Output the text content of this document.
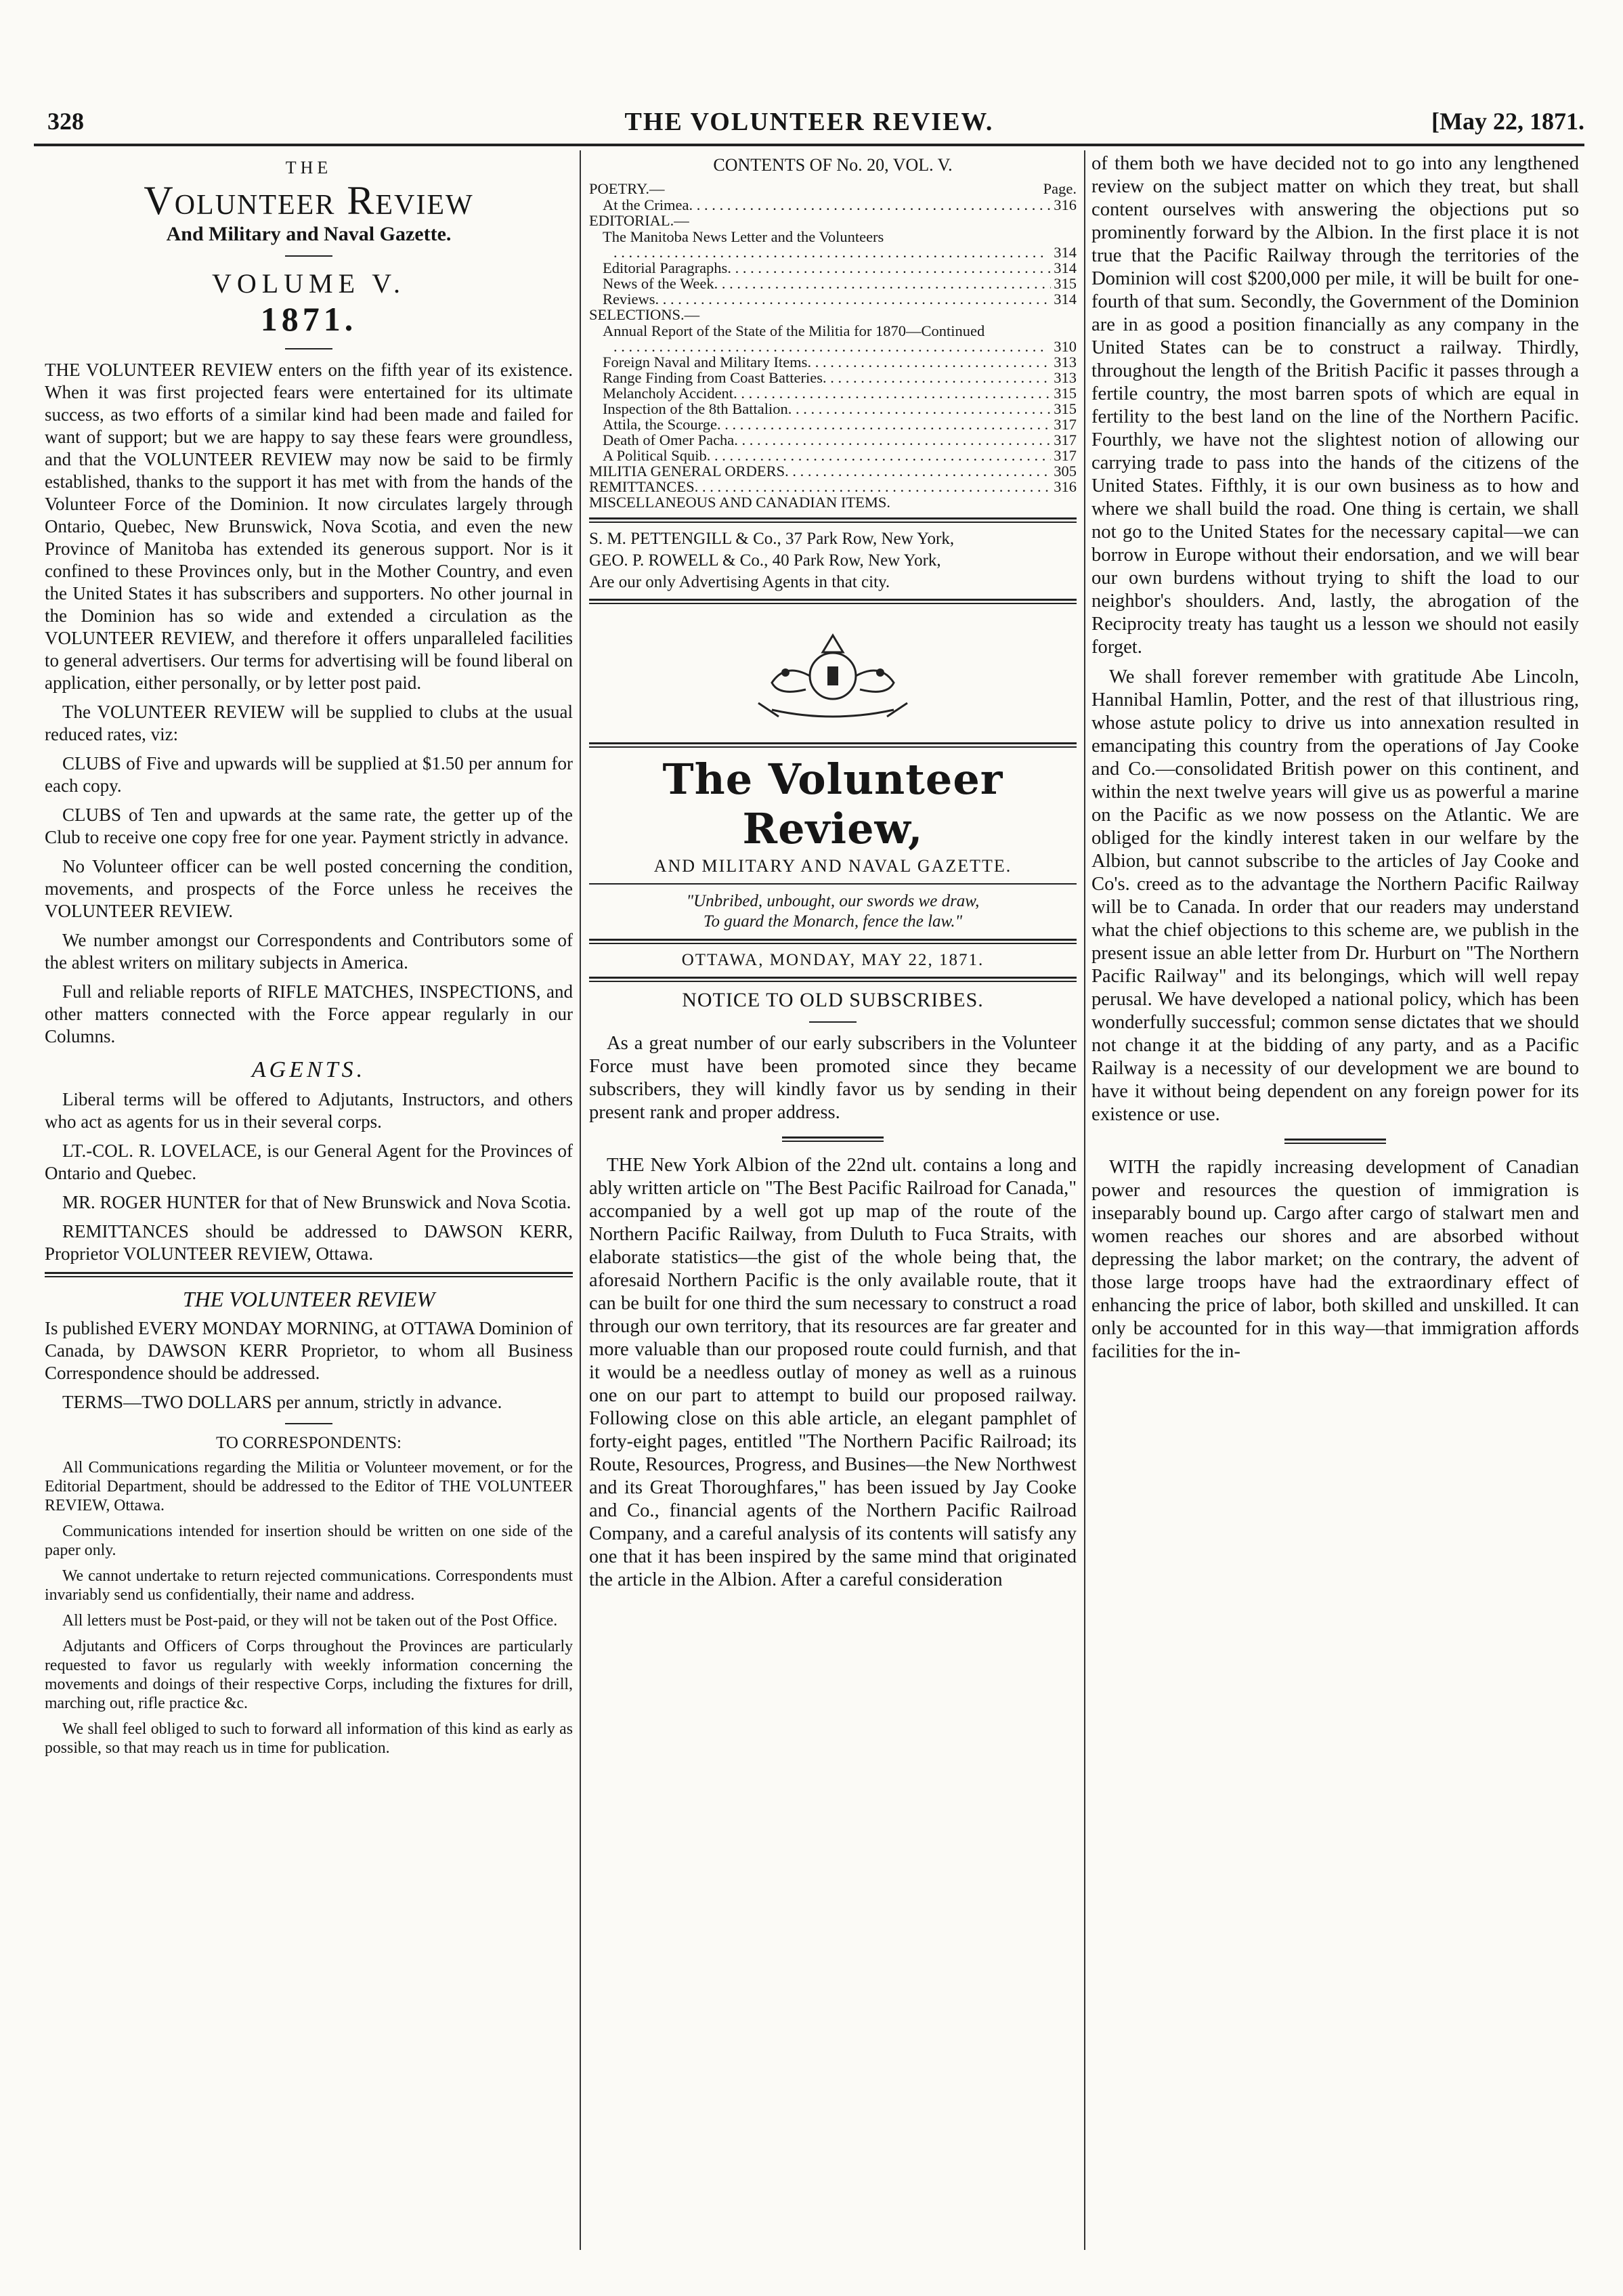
328	THE VOLUNTEER REVIEW.	[May 22, 1871.
THE
Volunteer Review
And Military and Naval Gazette.
VOLUME V.
1871.

THE VOLUNTEER REVIEW enters on the fifth year of its existence. When it was first projected fears were entertained for its ultimate success, as two efforts of a similar kind had been made and failed for want of support; but we are happy to say these fears were groundless, and that the VOLUNTEER REVIEW may now be said to be firmly established, thanks to the support it has met with from the hands of the Volunteer Force of the Dominion. It now circulates largely through Ontario, Quebec, New Brunswick, Nova Scotia, and even the new Province of Manitoba has extended its generous support. Nor is it confined to these Provinces only, but in the Mother Country, and even the United States it has subscribers and supporters. No other journal in the Dominion has so wide and extended a circulation as the VOLUNTEER REVIEW, and therefore it offers unparalleled facilities to general advertisers. Our terms for advertising will be found liberal on application, either personally, or by letter post paid.

The VOLUNTEER REVIEW will be supplied to clubs at the usual reduced rates, viz:

CLUBS of Five and upwards will be supplied at $1.50 per annum for each copy.

CLUBS of Ten and upwards at the same rate, the getter up of the Club to receive one copy free for one year. Payment strictly in advance.

No Volunteer officer can be well posted concerning the condition, movements, and prospects of the Force unless he receives the VOLUNTEER REVIEW.

We number amongst our Correspondents and Contributors some of the ablest writers on military subjects in America.

Full and reliable reports of RIFLE MATCHES, INSPECTIONS, and other matters connected with the Force appear regularly in our Columns.

AGENTS.

Liberal terms will be offered to Adjutants, Instructors, and others who act as agents for us in their several corps.

LT.-COL. R. LOVELACE, is our General Agent for the Provinces of Ontario and Quebec.

MR. ROGER HUNTER for that of New Brunswick and Nova Scotia.

REMITTANCES should be addressed to DAWSON KERR, Proprietor VOLUNTEER REVIEW, Ottawa.

THE VOLUNTEER REVIEW

Is published EVERY MONDAY MORNING, at OTTAWA Dominion of Canada, by DAWSON KERR Proprietor, to whom all Business Correspondence should be addressed.

TERMS—TWO DOLLARS per annum, strictly in advance.

TO CORRESPONDENTS:

All Communications regarding the Militia or Volunteer movement, or for the Editorial Department, should be addressed to the Editor of THE VOLUNTEER REVIEW, Ottawa.

Communications intended for insertion should be written on one side of the paper only.

We cannot undertake to return rejected communications. Correspondents must invariably send us confidentially, their name and address.

All letters must be Post-paid, or they will not be taken out of the Post Office.

Adjutants and Officers of Corps throughout the Provinces are particularly requested to favor us regularly with weekly information concerning the movements and doings of their respective Corps, including the fixtures for drill, marching out, rifle practice &c.

We shall feel obliged to such to forward all information of this kind as early as possible, so that may reach us in time for publication.

CONTENTS OF No. 20, VOL. V.
POETRY.—	Page.
At the Crimea . . .	316
EDITORIAL.—
The Manitoba News Letter and the Volunteers
. . .
314
Editorial Paragraphs . . .	314
News of the Week . . .	315
Reviews . . .	314
SELECTIONS.—
Annual Report of the State of the Militia for 1870—Continued
. . .
310
Foreign Naval and Military Items . . .	313
Range Finding from Coast Batteries . . .	313
Melancholy Accident . . .	315
Inspection of the 8th Battalion . . .	315
Attila, the Scourge . . .	317
Death of Omer Pacha . . .	317
A Political Squib . . .	317
MILITIA GENERAL ORDERS . . .	305
REMITTANCES . . .	316
MISCELLANEOUS AND CANADIAN ITEMS.
S. M. PETTENGILL & Co., 37 Park Row, New York,
GEO. P. ROWELL & Co., 40 Park Row, New York,
Are our only Advertising Agents in that city.
The Volunteer Review,
AND MILITARY AND NAVAL GAZETTE.
"Unbribed, unbought, our swords we draw,
To guard the Monarch, fence the law."
OTTAWA, MONDAY, MAY 22, 1871.
NOTICE TO OLD SUBSCRIBES.

As a great number of our early subscribers in the Volunteer Force must have been promoted since they became subscribers, they will kindly favor us by sending in their present rank and proper address.

THE New York Albion of the 22nd ult. contains a long and ably written article on "The Best Pacific Railroad for Canada," accompanied by a well got up map of the route of the Northern Pacific Railway, from Duluth to Fuca Straits, with elaborate statistics—the gist of the whole being that, the aforesaid Northern Pacific is the only available route, that it can be built for one third the sum necessary to construct a road through our own territory, that its resources are far greater and more valuable than our proposed route could furnish, and that it would be a needless outlay of money as well as a ruinous one on our part to attempt to build our proposed railway. Following close on this able article, an elegant pamphlet of forty-eight pages, entitled "The Northern Pacific Railroad; its Route, Resources, Progress, and Busines—the New Northwest and its Great Thoroughfares," has been issued by Jay Cooke and Co., financial agents of the Northern Pacific Railroad Company, and a careful analysis of its contents will satisfy any one that it has been inspired by the same mind that originated the article in the Albion. After a careful consideration

of them both we have decided not to go into any lengthened review on the subject matter on which they treat, but shall content ourselves with answering the objections put so prominently forward by the Albion. In the first place it is not true that the Pacific Railway through the territories of the Dominion will cost $200,000 per mile, it will be built for one-fourth of that sum. Secondly, the Government of the Dominion are in as good a position financially as any company in the United States can be to construct a railway. Thirdly, throughout the length of the British Pacific it passes through a fertile country, the most barren spots of which are equal in fertility to the best land on the line of the Northern Pacific. Fourthly, we have not the slightest notion of allowing our carrying trade to pass into the hands of the citizens of the United States. Fifthly, it is our own business as to how and where we shall build the road. One thing is certain, we shall not go to the United States for the necessary capital—we can borrow in Europe without their endorsation, and we will bear our own burdens without trying to shift the load to our neighbor's shoulders. And, lastly, the abrogation of the Reciprocity treaty has taught us a lesson we should not easily forget.

We shall forever remember with gratitude Abe Lincoln, Hannibal Hamlin, Potter, and the rest of that illustrious ring, whose astute policy to drive us into annexation resulted in emancipating this country from the operations of Jay Cooke and Co.—consolidated British power on this continent, and within the next twelve years will give us as powerful a marine on the Pacific as we now possess on the Atlantic. We are obliged for the kindly interest taken in our welfare by the Albion, but cannot subscribe to the articles of Jay Cooke and Co's. creed as to the advantage the Northern Pacific Railway will be to Canada. In order that our readers may understand what the chief objections to this scheme are, we publish in the present issue an able letter from Dr. Hurburt on "The Northern Pacific Railway" and its belongings, which will well repay perusal. We have developed a national policy, which has been wonderfully successful; common sense dictates that we should not change it at the bidding of any party, and as a Pacific Railway is a necessity of our development we are bound to have it without being dependent on any foreign power for its existence or use.

WITH the rapidly increasing development of Canadian power and resources the question of immigration is inseparably bound up. Cargo after cargo of stalwart men and women reaches our shores and are absorbed without depressing the labor market; on the contrary, the advent of those large troops have had the extraordinary effect of enhancing the price of labor, both skilled and unskilled. It can only be accounted for in this way—that immigration affords facilities for the in-
